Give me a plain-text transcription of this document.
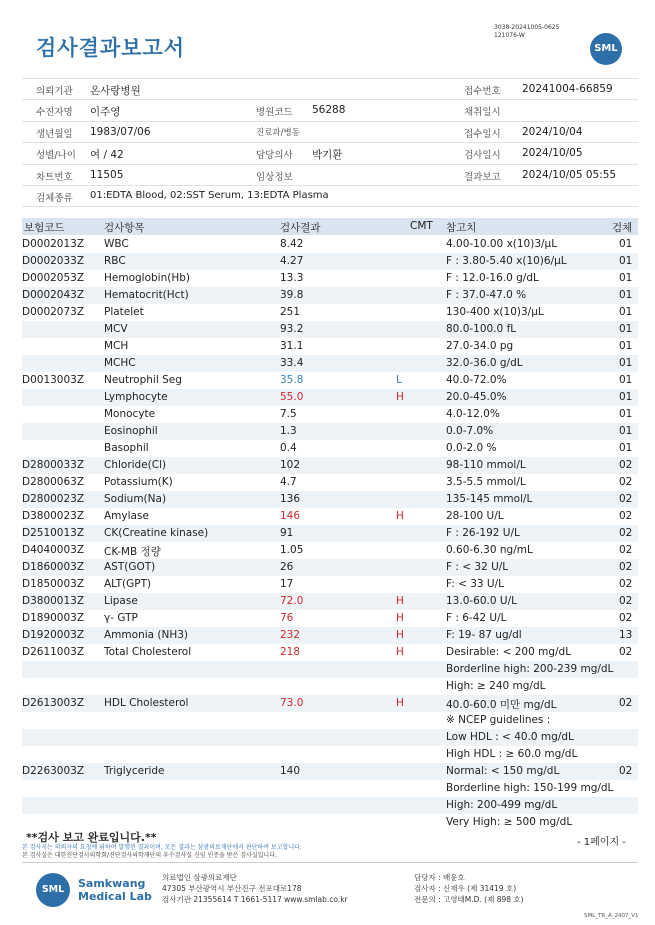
검사결과보고서
3038-20241005-0625
121076-W
SML
의뢰기관 온사랑병원	접수번호 20241004-66859
수진자명 이주영	병원코드 56288	채취일시
생년월일 1983/07/06	진료과/병동	접수일시 2024/10/04
성별/나이 여 / 42	담당의사 박기환	검사일시 2024/10/05
차트번호 11505	임상정보	결과보고 2024/10/05 05:55
검체종류 01:EDTA Blood, 02:SST Serum, 13:EDTA Plasma
보험코드	검사항목	검사결과	CMT 참고치	검체
D0002013Z WBC	8.42	4.00-10.00 x(10)3/μL	01
D0002033Z RBC	4.27	F : 3.80-5.40 x(10)6/μL	01
D0002053Z Hemoglobin(Hb)	13.3	F : 12.0-16.0 g/dL	01
D0002043Z Hematocrit(Hct)	39.8	F : 37.0-47.0 %	01
D0002073Z Platelet	251	130-400 x(10)3/μL	01
MCV	93.2	80.0-100.0 fL	01
MCH	31.1	27.0-34.0 pg	01
MCHC	33.4	32.0-36.0 g/dL	01
D0013003Z Neutrophil Seg	35.8	L	40.0-72.0%	01
Lymphocyte	55.0	H	20.0-45.0%	01
Monocyte	7.5	4.0-12.0%	01
Eosinophil	1.3	0.0-7.0%	01
Basophil	0.4	0.0-2.0 %	01
D2800033Z Chloride(Cl)	102	98-110 mmol/L	02
D2800063Z Potassium(K)	4.7	3.5-5.5 mmol/L	02
D2800023Z Sodium(Na)	136	135-145 mmol/L	02
D3800023Z Amylase	146	H	28-100 U/L	02
D2510013Z CK(Creatine kinase)	91	F : 26-192 U/L	02
D4040003Z CK-MB 정량	1.05	0.60-6.30 ng/mL	02
D1860003Z AST(GOT)	26	F : < 32 U/L	02
D1850003Z ALT(GPT)	17	F: < 33 U/L	02
D3800013Z Lipase	72.0	H	13.0-60.0 U/L	02
D1890003Z γ- GTP	76	H	F : 6-42 U/L	02
D1920003Z Ammonia (NH3)	232	H	F: 19- 87 ug/dl	13
D2611003Z Total Cholesterol	218	H	Desirable: < 200 mg/dL	02
Borderline high: 200-239 mg/dL
High: ≥ 240 mg/dL
D2613003Z HDL Cholesterol	73.0	H	40.0-60.0 미만 mg/dL	02
※ NCEP guidelines :
Low HDL : < 40.0 mg/dL
High HDL : ≥ 60.0 mg/dL
D2263003Z Triglyceride	140	Normal: < 150 mg/dL	02
Borderline high: 150-199 mg/dL
High: 200-499 mg/dL
Very High: ≥ 500 mg/dL
**검사 보고 완료입니다.**	- 1페이지 -
본 검사지는 의뢰자의 요청에 의하여 발행된 결과이며, 모든 결과는 삼광의료재단에서 판단하여 보고합니다.
본 검사실은 대한진단검사의학회/진단검사의학재단의 우수검사실 신임 인증을 받은 검사실입니다.
SML	Samkwang
Medical Lab
의료법인 삼광의료재단
47305 부산광역시 부산진구 전포대로178
검사기관 21355614 T 1661-5117 www.smlab.co.kr
담당자 : 배윤호
검사자 : 신재우 (제 31419 호)
전문의 : 고영태M.D. (제 898 호)
SML_TR_A_2407_V1
